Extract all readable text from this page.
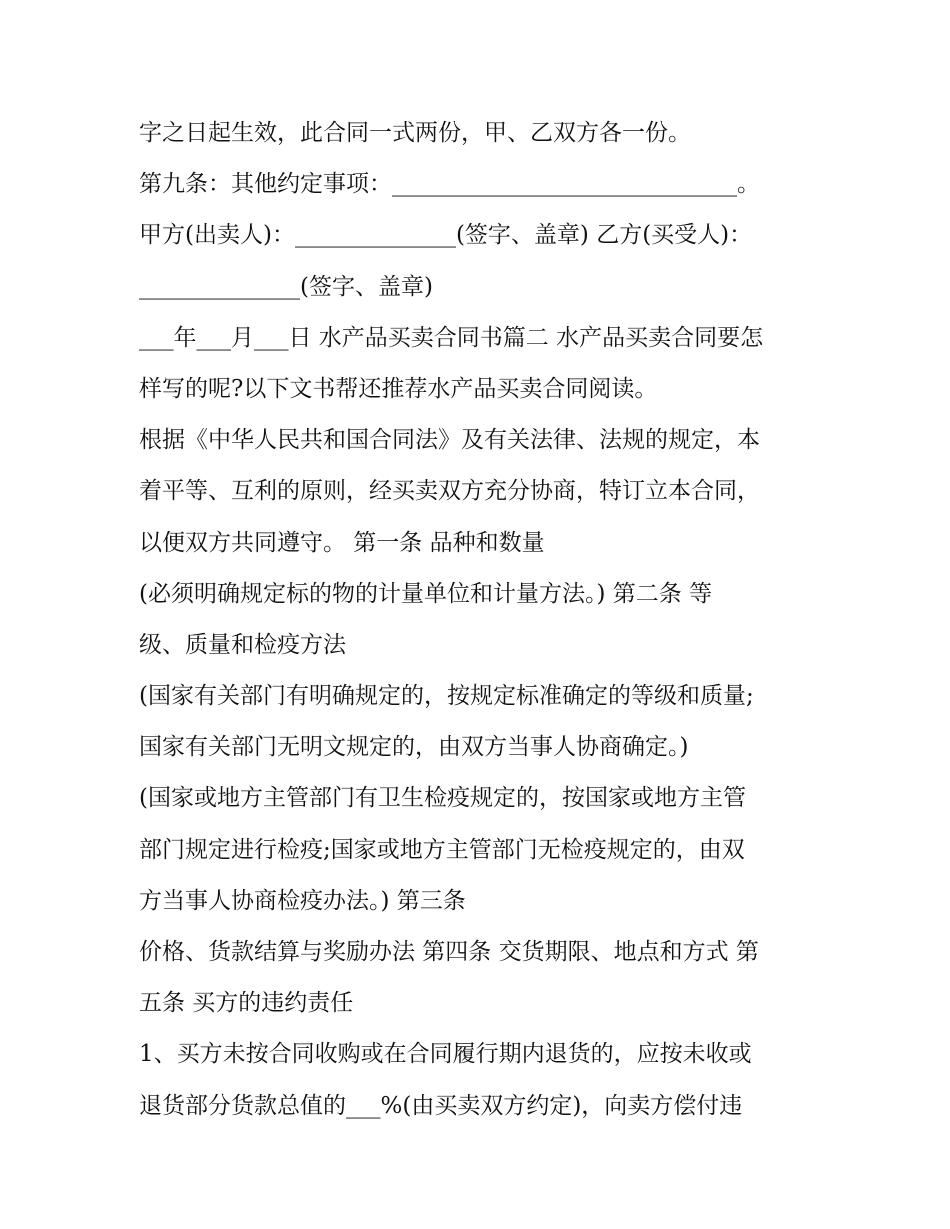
字之日起生效，此合同一式两份，甲、乙双方各一份。
第九条：其他约定事项：______________________________。
甲方(出卖人)：______________(签字、盖章) 乙方(买受人)：
______________(签字、盖章)
___年___月___日 水产品买卖合同书篇二 水产品买卖合同要怎
样写的呢?以下文书帮还推荐水产品买卖合同阅读。
根据《中华人民共和国合同法》及有关法律、法规的规定，本
着平等、互利的原则，经买卖双方充分协商，特订立本合同，
以便双方共同遵守。 第一条 品种和数量
(必须明确规定标的物的计量单位和计量方法。) 第二条 等
级、质量和检疫方法
(国家有关部门有明确规定的，按规定标准确定的等级和质量;
国家有关部门无明文规定的，由双方当事人协商确定。)
(国家或地方主管部门有卫生检疫规定的，按国家或地方主管
部门规定进行检疫;国家或地方主管部门无检疫规定的，由双
方当事人协商检疫办法。) 第三条
价格、货款结算与奖励办法 第四条 交货期限、地点和方式 第
五条 买方的违约责任
1、买方未按合同收购或在合同履行期内退货的，应按未收或
退货部分货款总值的___%(由买卖双方约定)，向卖方偿付违
